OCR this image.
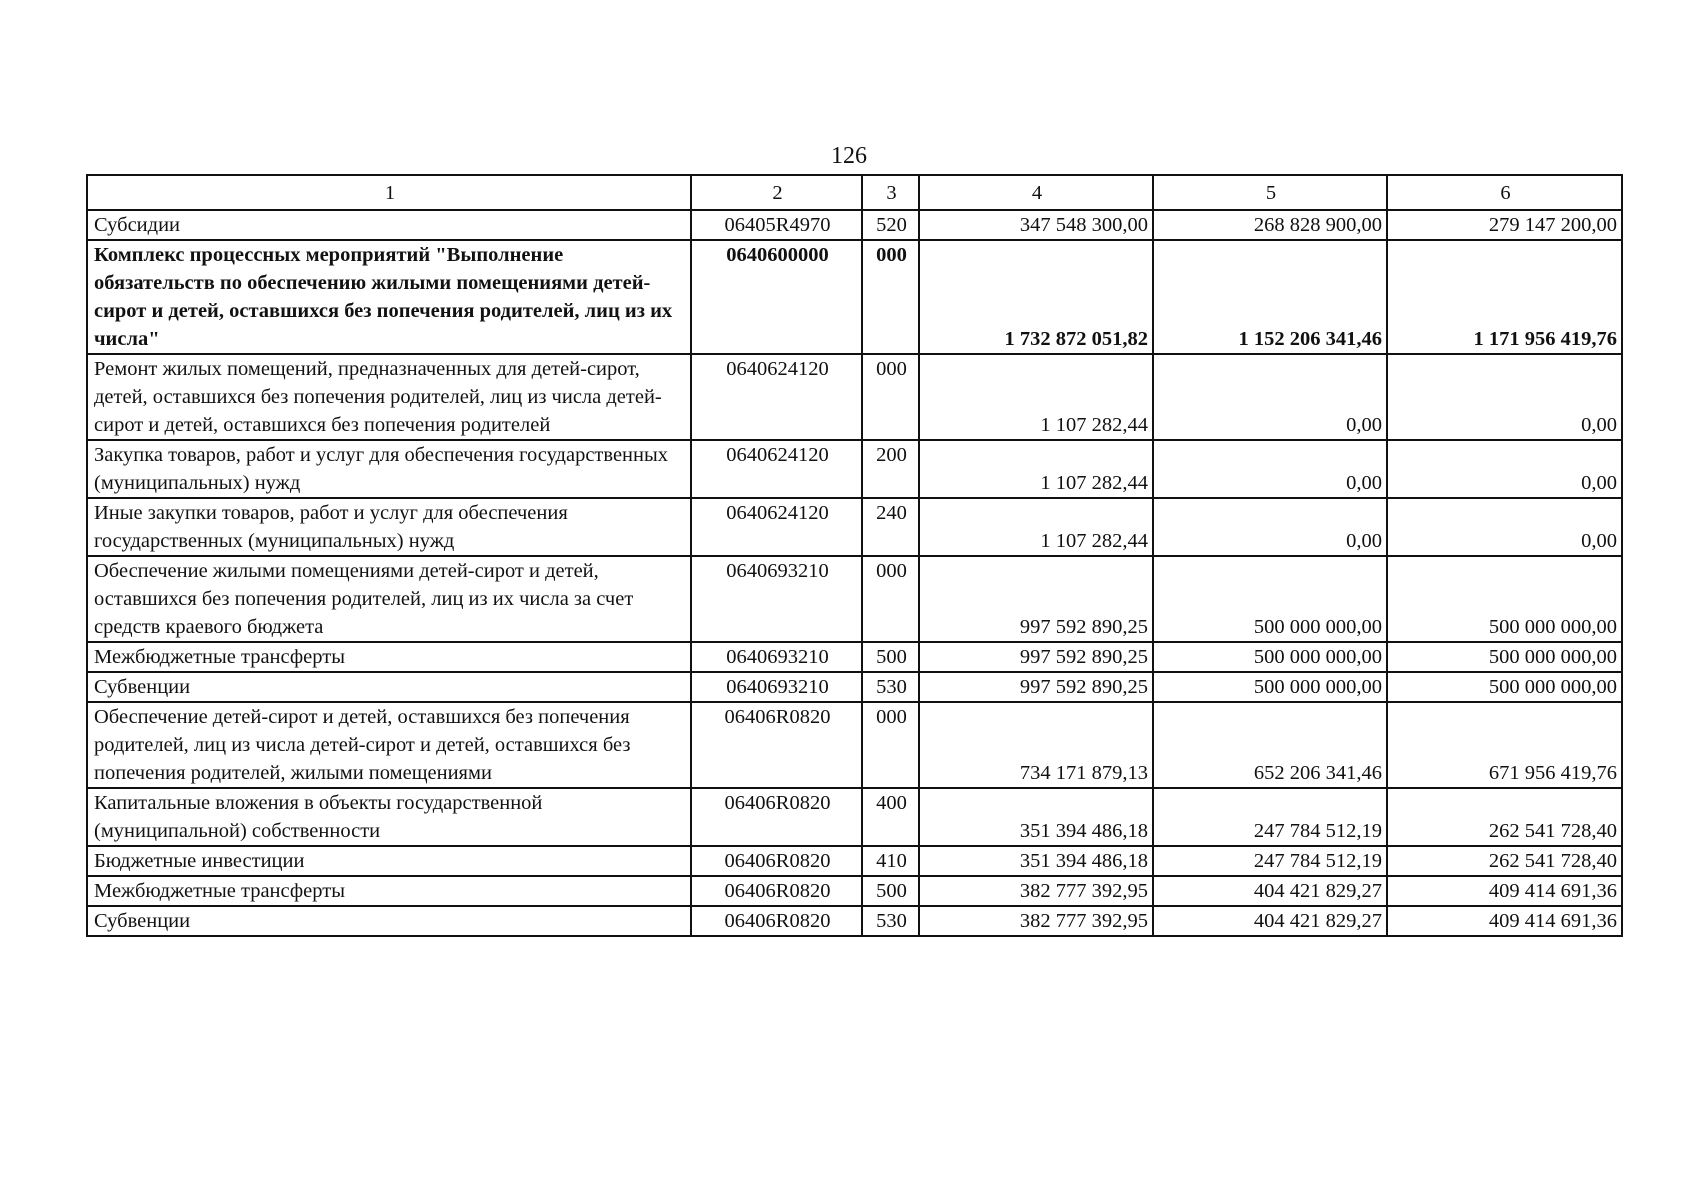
126
1	2	3	4	5	6
Субсидии	06405R4970	520	347 548 300,00	268 828 900,00	279 147 200,00
Комплекс процессных мероприятий "Выполнение обязательств по обеспечению жилыми помещениями детей-сирот и детей, оставшихся без попечения родителей, лиц из их числа"	0640600000	000	1 732 872 051,82	1 152 206 341,46	1 171 956 419,76
Ремонт жилых помещений, предназначенных для детей-сирот, детей, оставшихся без попечения родителей, лиц из числа детей-сирот и детей, оставшихся без попечения родителей	0640624120	000	1 107 282,44	0,00	0,00
Закупка товаров, работ и услуг для обеспечения государственных (муниципальных) нужд	0640624120	200	1 107 282,44	0,00	0,00
Иные закупки товаров, работ и услуг для обеспечения государственных (муниципальных) нужд	0640624120	240	1 107 282,44	0,00	0,00
Обеспечение жилыми помещениями детей-сирот и детей, оставшихся без попечения родителей, лиц из их числа за счет средств краевого бюджета	0640693210	000	997 592 890,25	500 000 000,00	500 000 000,00
Межбюджетные трансферты	0640693210	500	997 592 890,25	500 000 000,00	500 000 000,00
Субвенции	0640693210	530	997 592 890,25	500 000 000,00	500 000 000,00
Обеспечение детей-сирот и детей, оставшихся без попечения родителей, лиц из числа детей-сирот и детей, оставшихся без попечения родителей, жилыми помещениями	06406R0820	000	734 171 879,13	652 206 341,46	671 956 419,76
Капитальные вложения в объекты государственной (муниципальной) собственности	06406R0820	400	351 394 486,18	247 784 512,19	262 541 728,40
Бюджетные инвестиции	06406R0820	410	351 394 486,18	247 784 512,19	262 541 728,40
Межбюджетные трансферты	06406R0820	500	382 777 392,95	404 421 829,27	409 414 691,36
Субвенции	06406R0820	530	382 777 392,95	404 421 829,27	409 414 691,36
